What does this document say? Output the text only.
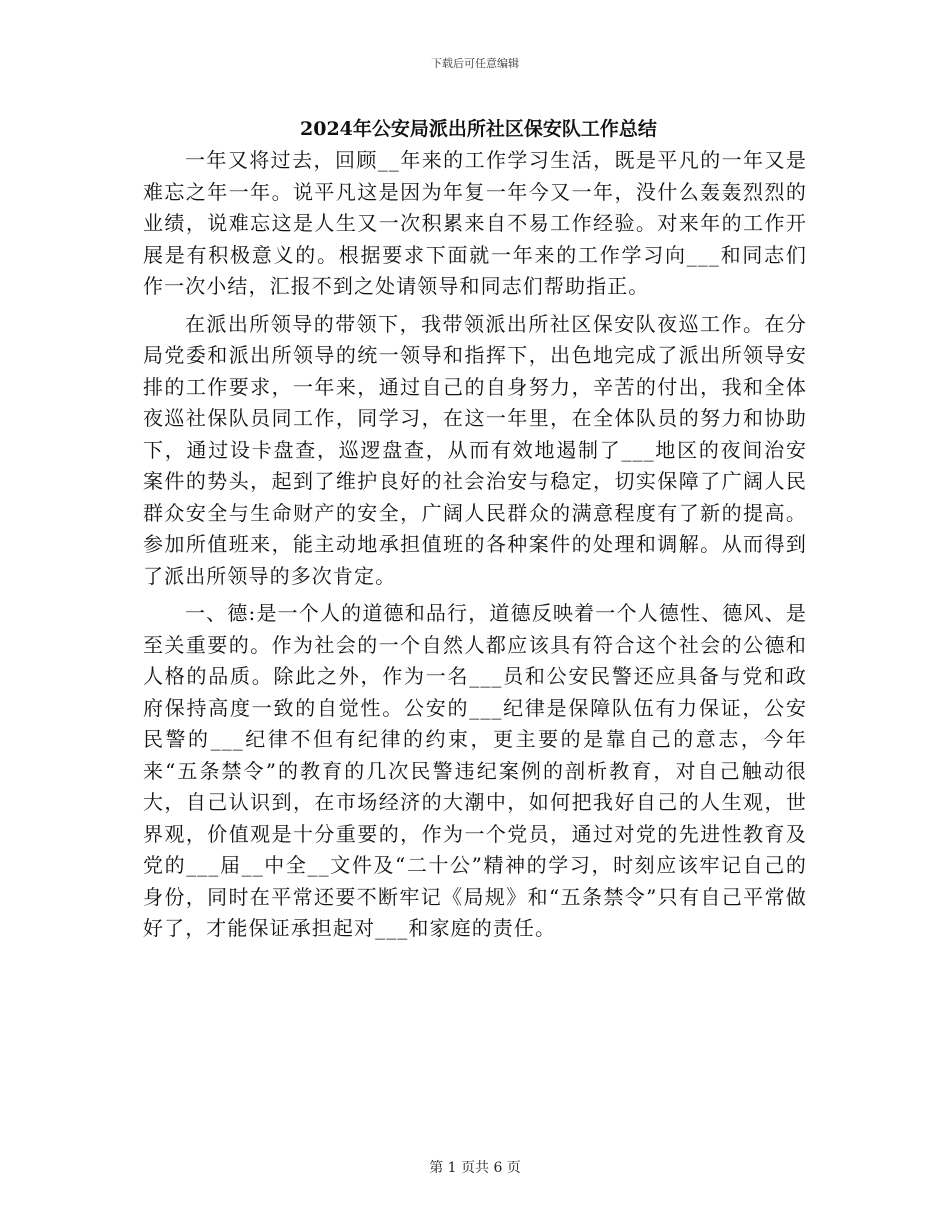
下载后可任意编辑
2024年公安局派出所社区保安队工作总结

一年又将过去，回顾__年来的工作学习生活，既是平凡的一年又是难忘之年一年。说平凡这是因为年复一年今又一年，没什么轰轰烈烈的业绩，说难忘这是人生又一次积累来自不易工作经验。对来年的工作开展是有积极意义的。根据要求下面就一年来的工作学习向___和同志们作一次小结，汇报不到之处请领导和同志们帮助指正。

在派出所领导的带领下，我带领派出所社区保安队夜巡工作。在分局党委和派出所领导的统一领导和指挥下，出色地完成了派出所领导安排的工作要求，一年来，通过自己的自身努力，辛苦的付出，我和全体夜巡社保队员同工作，同学习，在这一年里，在全体队员的努力和协助下，通过设卡盘查，巡逻盘查，从而有效地遏制了___地区的夜间治安案件的势头，起到了维护良好的社会治安与稳定，切实保障了广阔人民群众安全与生命财产的安全，广阔人民群众的满意程度有了新的提高。参加所值班来，能主动地承担值班的各种案件的处理和调解。从而得到了派出所领导的多次肯定。

一、德:是一个人的道德和品行，道德反映着一个人德性、德风、是至关重要的。作为社会的一个自然人都应该具有符合这个社会的公德和人格的品质。除此之外，作为一名___员和公安民警还应具备与党和政府保持高度一致的自觉性。公安的___纪律是保障队伍有力保证，公安民警的___纪律不但有纪律的约束，更主要的是靠自己的意志，今年来“五条禁令”的教育的几次民警违纪案例的剖析教育，对自己触动很大，自己认识到，在市场经济的大潮中，如何把我好自己的人生观，世界观，价值观是十分重要的，作为一个党员，通过对党的先进性教育及党的___届__中全__文件及“二十公”精神的学习，时刻应该牢记自己的身份，同时在平常还要不断牢记《局规》和“五条禁令”只有自己平常做好了，才能保证承担起对___和家庭的责任。

第 1 页共 6 页
